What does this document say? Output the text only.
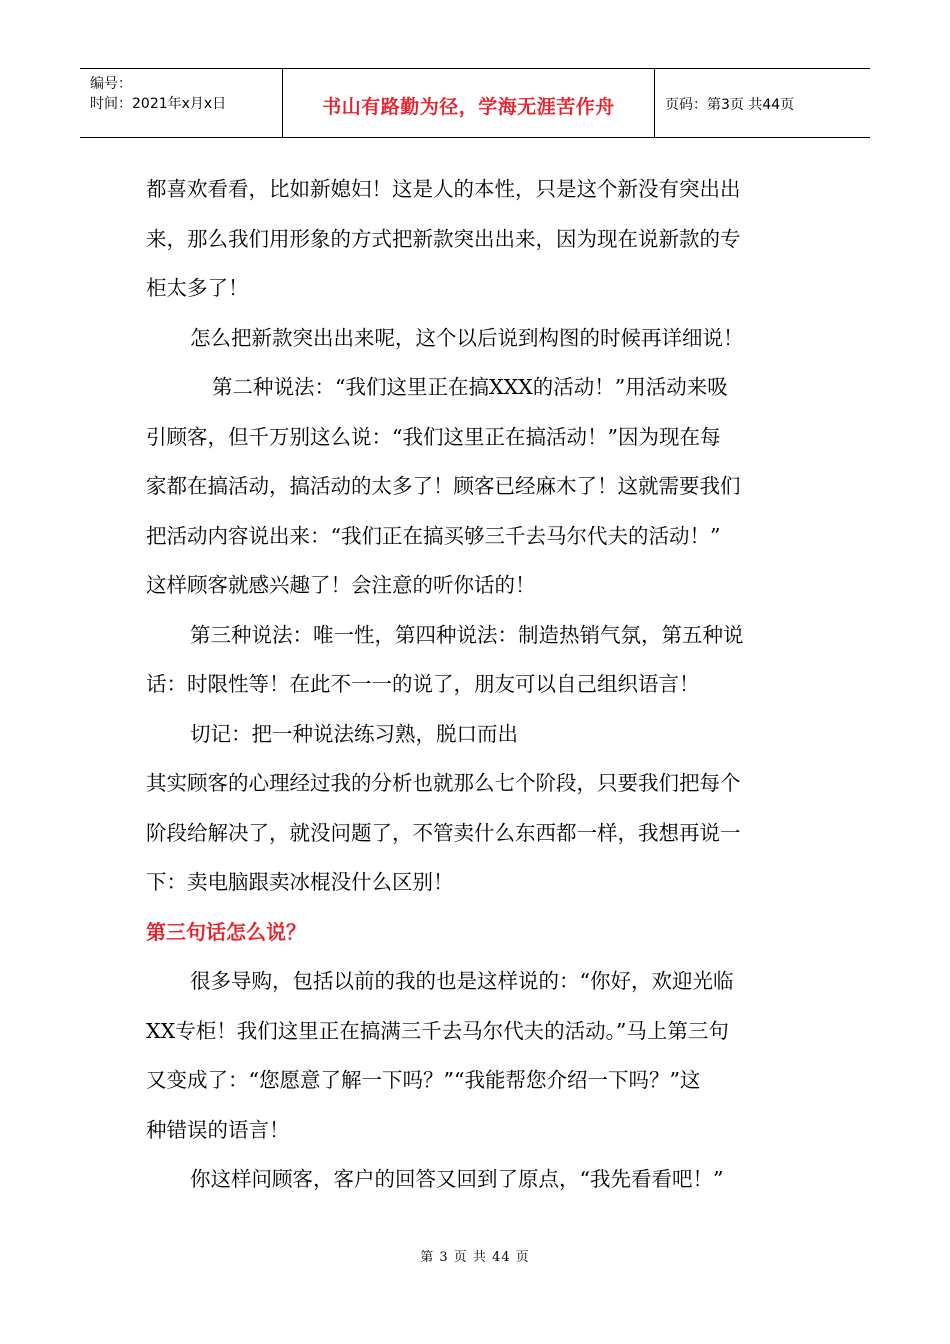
编号：
时间：2021年x月x日	书山有路勤为径，学海无涯苦作舟	页码：第3页 共44页

都喜欢看看，比如新媳妇！这是人的本性，只是这个新没有突出出

来，那么我们用形象的方式把新款突出出来，因为现在说新款的专

柜太多了！

怎么把新款突出出来呢，这个以后说到构图的时候再详细说！

第二种说法：“我们这里正在搞XXX的活动！”用活动来吸

引顾客，但千万别这么说：“我们这里正在搞活动！”因为现在每

家都在搞活动，搞活动的太多了！顾客已经麻木了！这就需要我们

把活动内容说出来：“我们正在搞买够三千去马尔代夫的活动！”

这样顾客就感兴趣了！会注意的听你话的！

第三种说法：唯一性，第四种说法：制造热销气氛，第五种说

话：时限性等！在此不一一的说了，朋友可以自己组织语言！

切记：把一种说法练习熟，脱口而出

其实顾客的心理经过我的分析也就那么七个阶段，只要我们把每个

阶段给解决了，就没问题了，不管卖什么东西都一样，我想再说一

下：卖电脑跟卖冰棍没什么区别！

第三句话怎么说？

很多导购，包括以前的我的也是这样说的：“你好，欢迎光临

XX专柜！我们这里正在搞满三千去马尔代夫的活动。”马上第三句

又变成了：“您愿意了解一下吗？”“我能帮您介绍一下吗？”这

种错误的语言！

你这样问顾客，客户的回答又回到了原点，“我先看看吧！”

第 3 页 共 44 页
